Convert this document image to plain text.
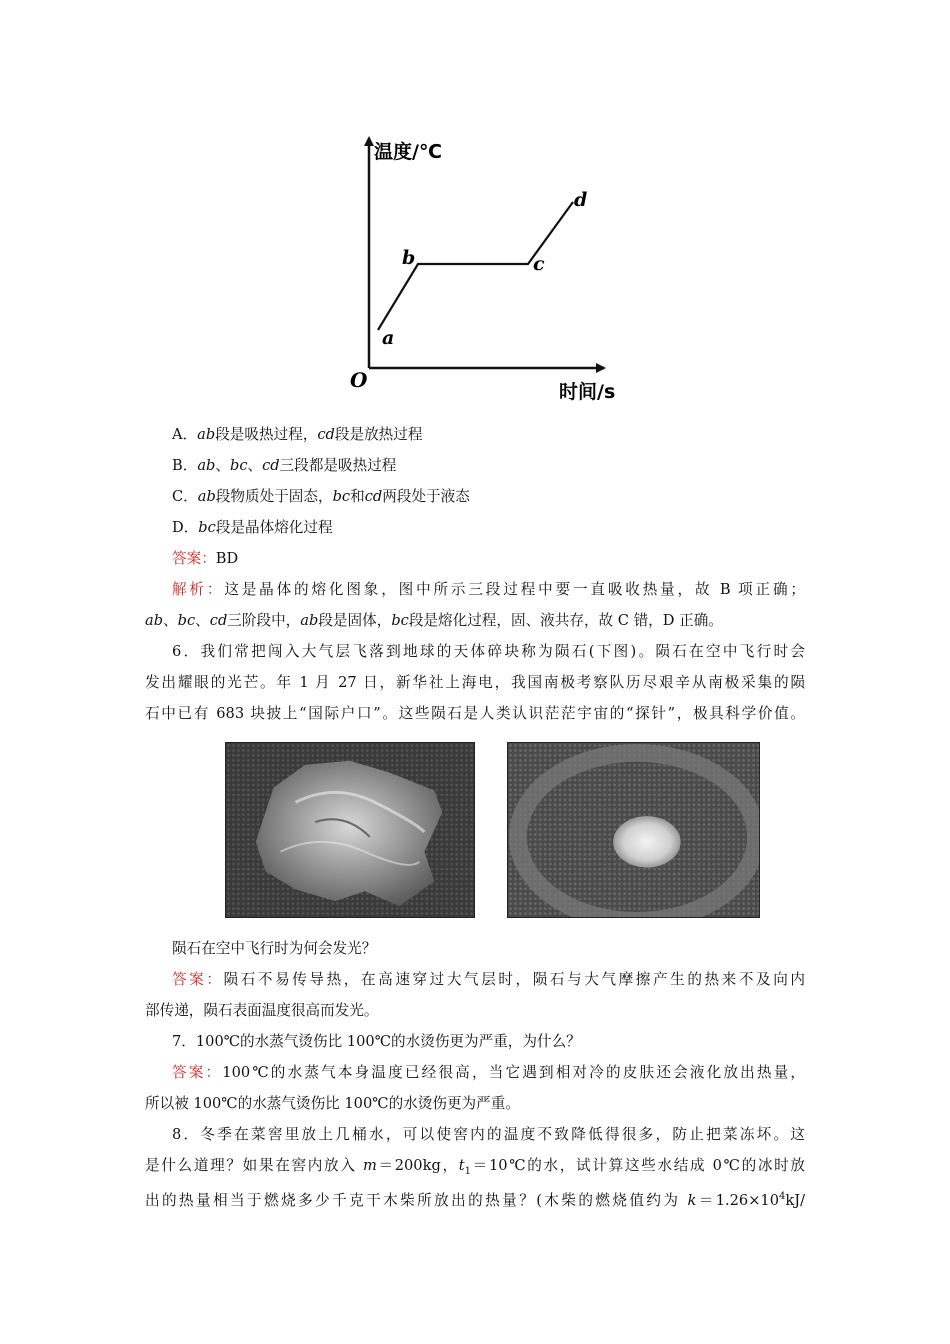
温度/℃
时间/s
O
a
b	c
d
A．ab段是吸热过程，cd段是放热过程
B．ab、bc、cd三段都是吸热过程
C．ab段物质处于固态，bc和cd两段处于液态
D．bc段是晶体熔化过程
答案：BD
解析：这是晶体的熔化图象，图中所示三段过程中要一直吸收热量，故 B 项正确；
ab、bc、cd三阶段中，ab段是固体，bc段是熔化过程，固、液共存，故 C 错，D 正确。
6．我们常把闯入大气层飞落到地球的天体碎块称为陨石(下图)。陨石在空中飞行时会
发出耀眼的光芒。年 1 月 27 日，新华社上海电，我国南极考察队历尽艰辛从南极采集的陨
石中已有 683 块披上“国际户口”。这些陨石是人类认识茫茫宇宙的“探针”，极具科学价值。
陨石在空中飞行时为何会发光？
答案：陨石不易传导热，在高速穿过大气层时，陨石与大气摩擦产生的热来不及向内
部传递，陨石表面温度很高而发光。
7．100℃的水蒸气烫伤比 100℃的水烫伤更为严重，为什么？
答案：100℃的水蒸气本身温度已经很高，当它遇到相对冷的皮肤还会液化放出热量，
所以被 100℃的水蒸气烫伤比 100℃的水烫伤更为严重。
8．冬季在菜窖里放上几桶水，可以使窖内的温度不致降低得很多，防止把菜冻坏。这
是什么道理？如果在窖内放入 m＝200kg，$t_1=10℃$的水，试计算这些水结成 0℃的冰时放
出的热量相当于燃烧多少千克干木柴所放出的热量？(木柴的燃烧值约为 $k=1.26\times 10^4kJ/$
